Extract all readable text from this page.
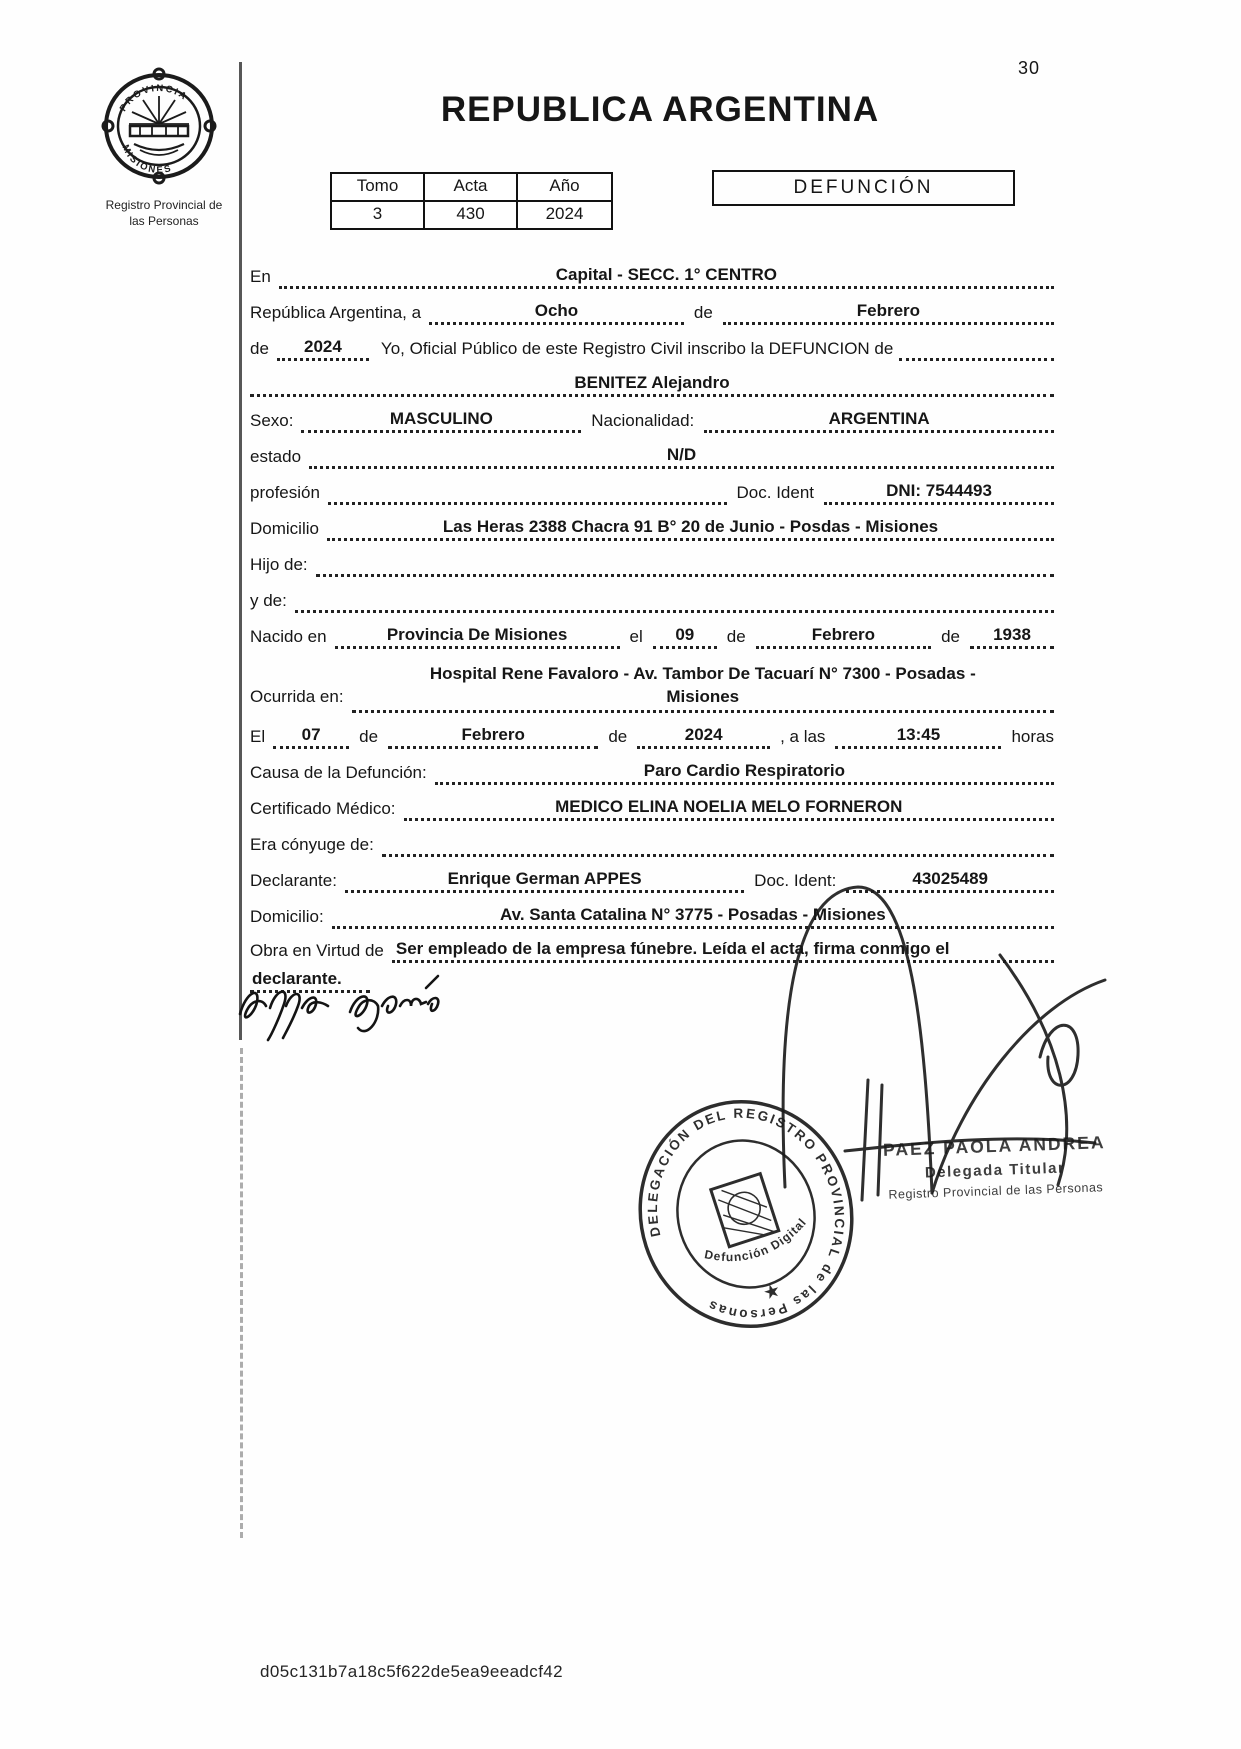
30
PROVINCIA
MISIONES
Registro Provincial de
las Personas
REPUBLICA ARGENTINA
Tomo	Acta	Año
3	430	2024
DEFUNCIÓN
En	Capital - SECC. 1° CENTRO
República Argentina, a	Ocho	de	Febrero
de	2024	Yo, Oficial Público de este Registro Civil inscribo la DEFUNCION de
BENITEZ Alejandro
Sexo:	MASCULINO	Nacionalidad:	ARGENTINA
estado	N/D
profesión	Doc. Ident	DNI: 7544493
Domicilio	Las Heras 2388 Chacra 91 B° 20 de Junio - Posdas - Misiones
Hijo de:
y de:
Nacido en	Provincia De Misiones	el	09	de	Febrero	de	1938
Ocurrida en:
Hospital Rene Favaloro - Av. Tambor De Tacuarí N° 7300 - Posadas -
Misiones
El	07	de	Febrero	de	2024	, a las	13:45	horas
Causa de la Defunción:	Paro Cardio Respiratorio
Certificado Médico:	MEDICO ELINA NOELIA MELO FORNERON
Era cónyuge de:
Declarante:	Enrique German APPES	Doc. Ident:	43025489
Domicilio:	Av. Santa Catalina N° 3775 - Posadas - Misiones
Obra en Virtud de Ser empleado de la empresa fúnebre. Leída el acta, firma conmigo el
declarante.
DELEGACIÓN DEL REGISTRO PROVINCIAL de las Personas
Defunción Digital
★
PAEZ PAOLA ANDREA
Delegada Titular
Registro Provincial de las Personas
d05c131b7a18c5f622de5ea9eeadcf42
